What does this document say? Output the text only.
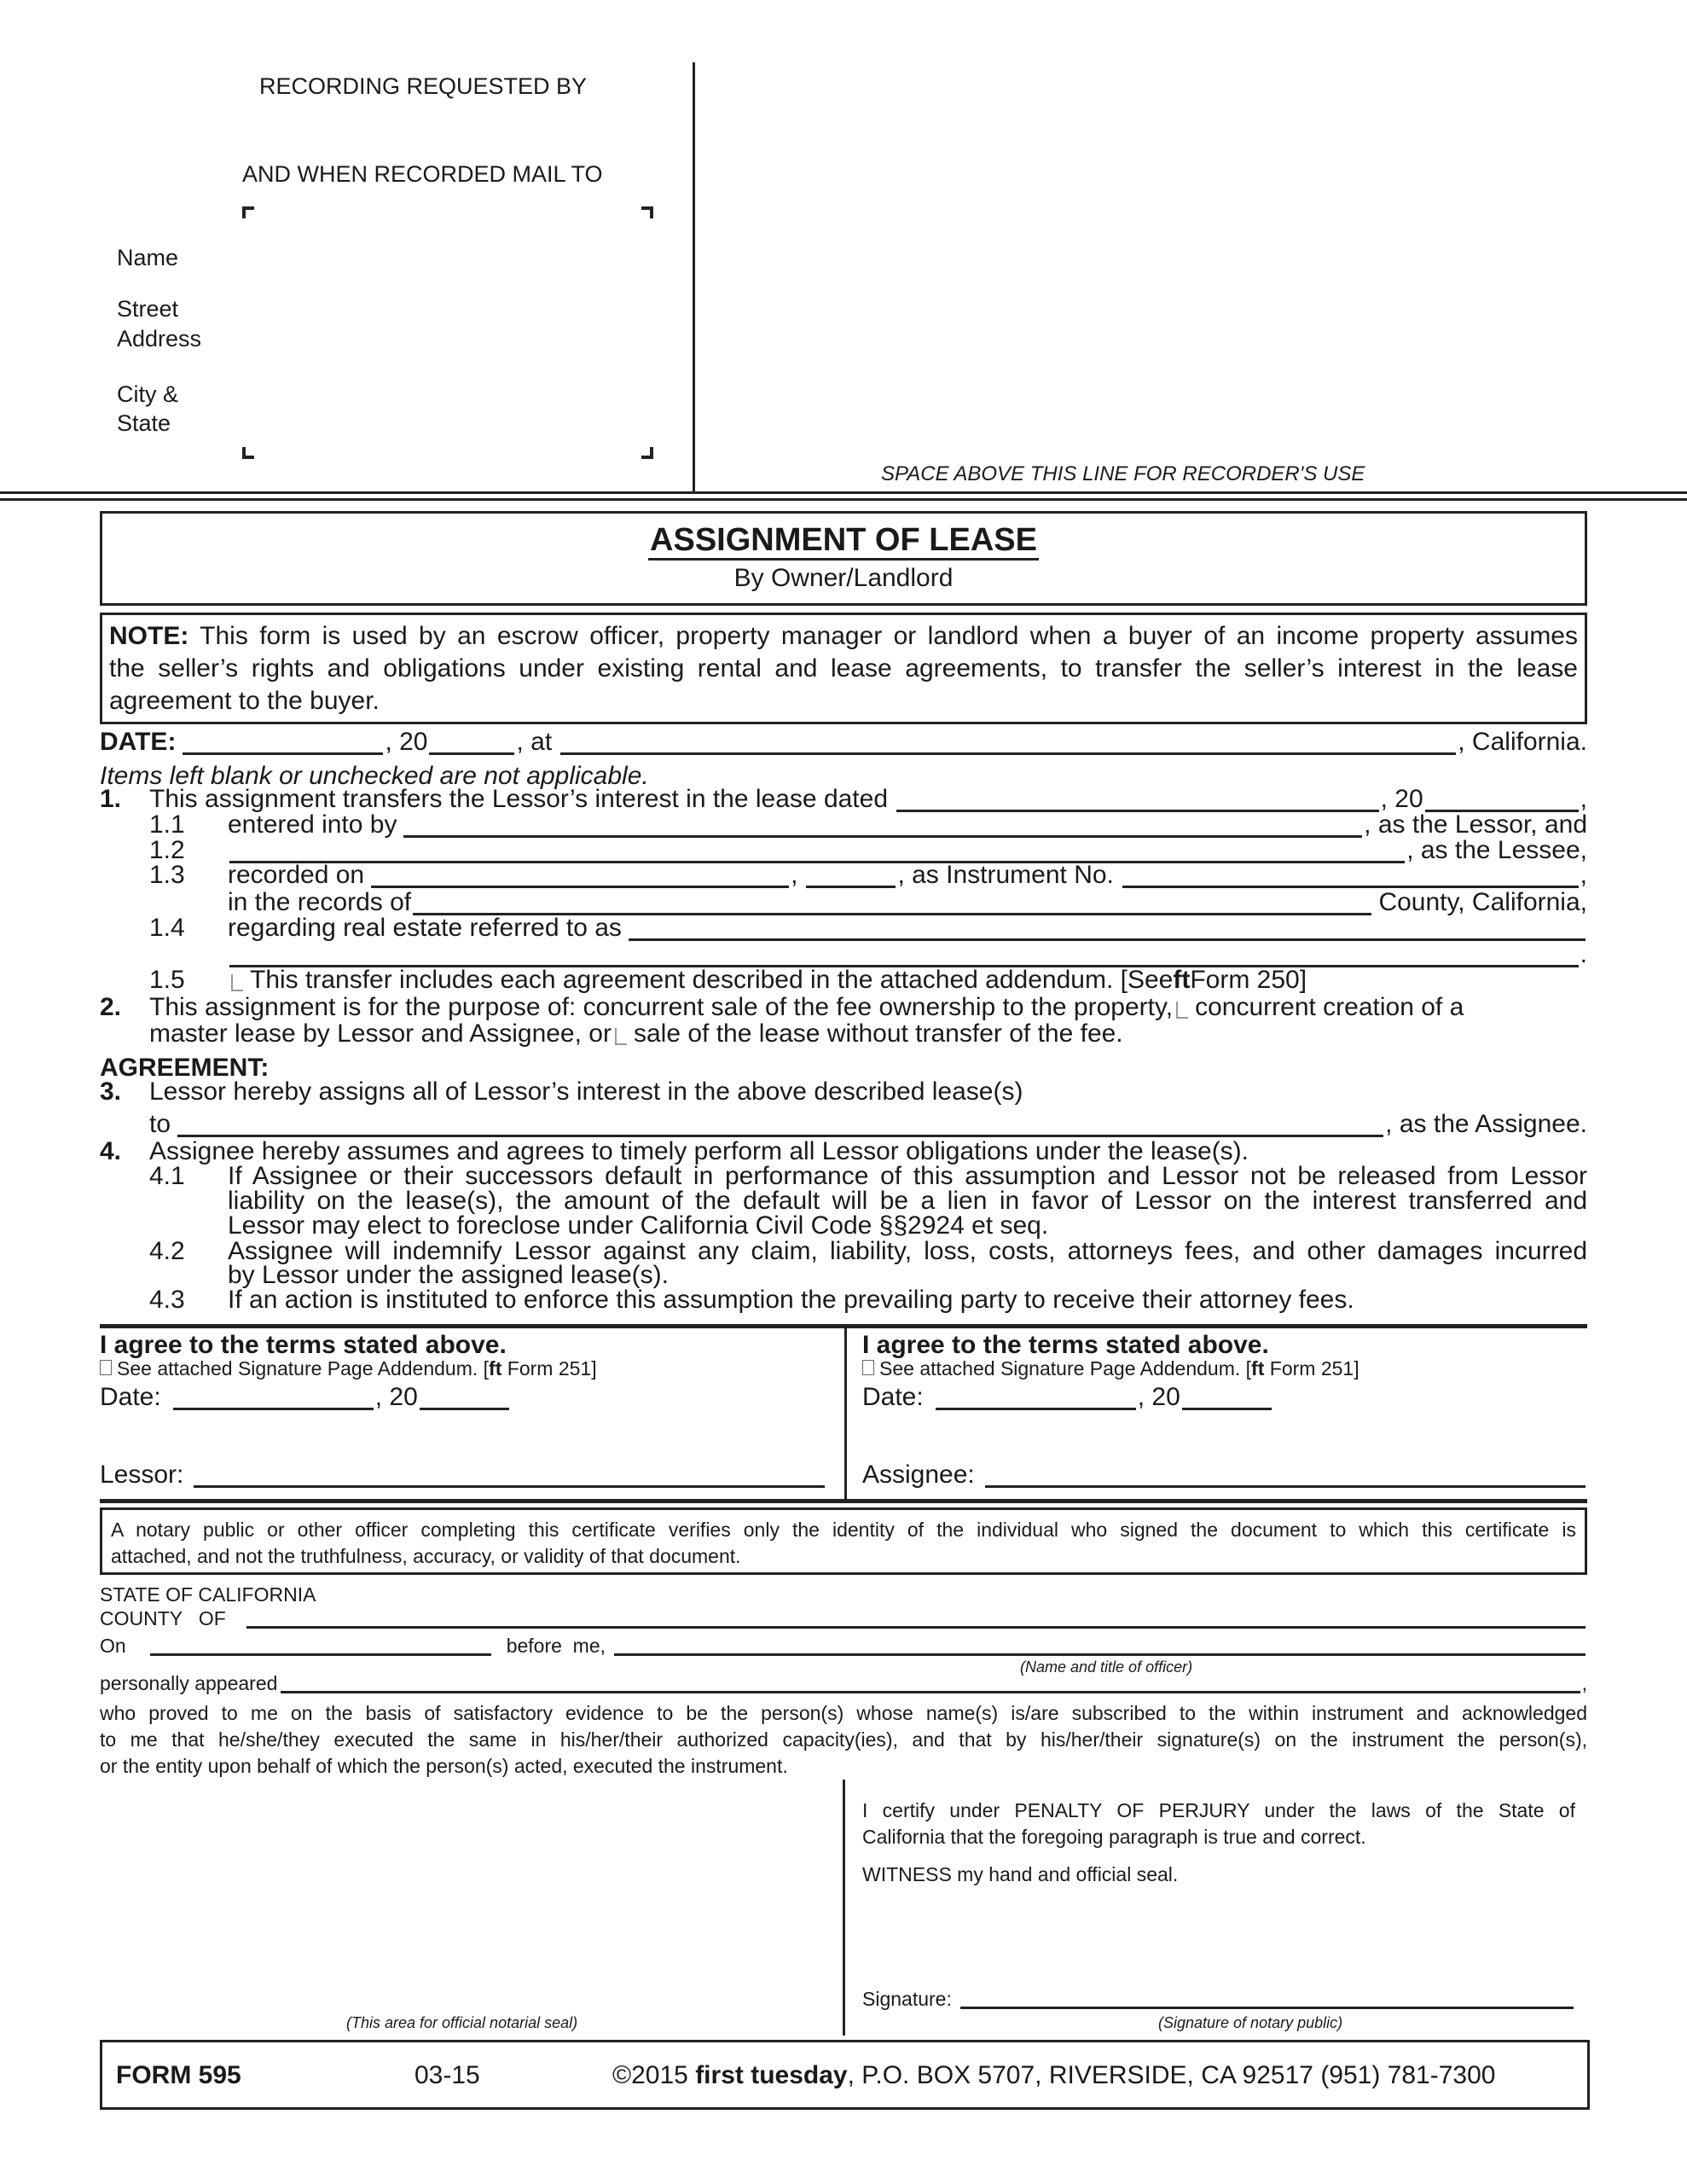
RECORDING REQUESTED BY
AND WHEN RECORDED MAIL TO
Name
Street
Address
City &
State
SPACE ABOVE THIS LINE FOR RECORDER'S USE
ASSIGNMENT OF LEASE
By Owner/Landlord
NOTE: This form is used by an escrow officer, property manager or landlord when a buyer of an income property assumes
the seller’s rights and obligations under existing rental and lease agreements, to transfer the seller’s interest in the lease
agreement to the buyer.
DATE:	, 20	, at	, California.
Items left blank or unchecked are not applicable.
1.	This assignment transfers the Lessor’s interest in the lease dated	, 20	,
1.1	entered into by	, as the Lessor, and
1.2	, as the Lessee,
1.3	recorded on	,	, as Instrument No.	,
in the records of	County, California,
1.4	regarding real estate referred to as
.
1.5	This transfer includes each agreement described in the attached addendum. [See ft Form 250]
2.	This assignment is for the purpose of: concurrent sale of the fee ownership to the property, concurrent creation of a
master lease by Lessor and Assignee, or sale of the lease without transfer of the fee.
AGREEMENT:
3.	Lessor hereby assigns all of Lessor’s interest in the above described lease(s)
to	, as the Assignee.
4.	Assignee hereby assumes and agrees to timely perform all Lessor obligations under the lease(s).
4.1	If Assignee or their successors default in performance of this assumption and Lessor not be released from Lessor
liability on the lease(s), the amount of the default will be a lien in favor of Lessor on the interest transferred and
Lessor may elect to foreclose under California Civil Code §§2924 et seq.
4.2	Assignee will indemnify Lessor against any claim, liability, loss, costs, attorneys fees, and other damages incurred
by Lessor under the assigned lease(s).
4.3	If an action is instituted to enforce this assumption the prevailing party to receive their attorney fees.
I agree to the terms stated above.
See attached Signature Page Addendum. [ft Form 251]
Date:	, 20
Lessor:
I agree to the terms stated above.
See attached Signature Page Addendum. [ft Form 251]
Date:	, 20
Assignee:
A notary public or other officer completing this certificate verifies only the identity of the individual who signed the document to which this certificate is
attached, and not the truthfulness, accuracy, or validity of that document.
STATE OF CALIFORNIA
COUNTY   OF
On	before  me,
(Name and title of officer)
personally appeared	,
who proved to me on the basis of satisfactory evidence to be the person(s) whose name(s) is/are subscribed to the within instrument and acknowledged
to me that he/she/they executed the same in his/her/their authorized capacity(ies), and that by his/her/their signature(s) on the instrument the person(s),
or the entity upon behalf of which the person(s) acted, executed the instrument.
I certify under PENALTY OF PERJURY under the laws of the State of
California that the foregoing paragraph is true and correct.
WITNESS my hand and official seal.
Signature:
(Signature of notary public)
(This area for official notarial seal)
FORM 595	03-15	©2015 first tuesday, P.O. BOX 5707, RIVERSIDE, CA 92517 (951) 781-7300
